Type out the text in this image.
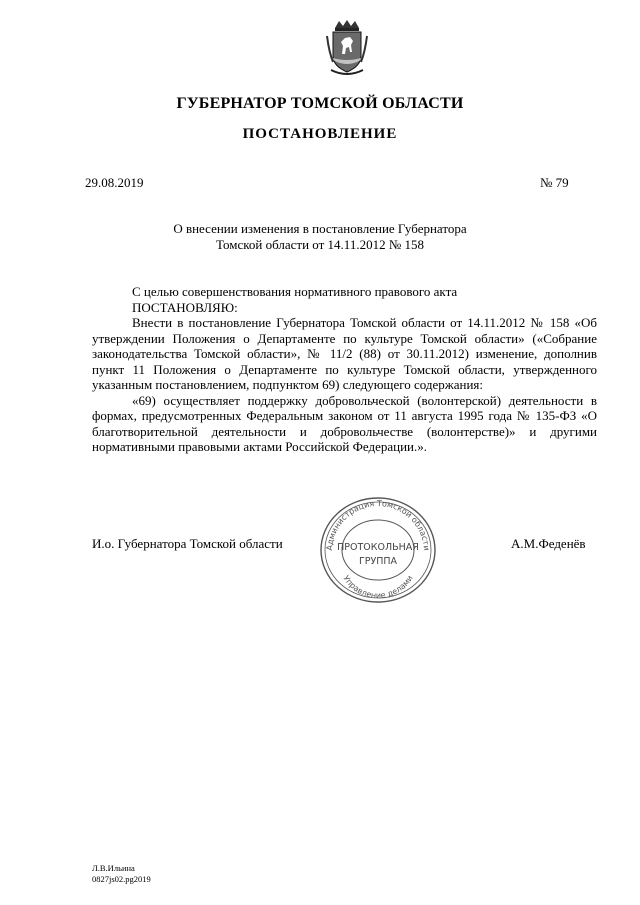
ГУБЕРНАТОР ТОМСКОЙ ОБЛАСТИ
ПОСТАНОВЛЕНИЕ
29.08.2019	№ 79
О внесении изменения в постановление Губернатора
Томской области от 14.11.2012 № 158

С целью совершенствования нормативного правового акта

ПОСТАНОВЛЯЮ:

Внести в постановление Губернатора Томской области от 14.11.2012 № 158 «Об утверждении Положения о Департаменте по культуре Томской области» («Собрание законодательства Томской области», № 11/2 (88) от 30.11.2012) изменение, дополнив пункт 11 Положения о Департаменте по культуре Томской области, утвержденного указанным постановлением, подпунктом 69) следующего содержания:

«69) осуществляет поддержку добровольческой (волонтерской) деятельности в формах, предусмотренных Федеральным законом от 11 августа 1995 года № 135-ФЗ «О благотворительной деятельности и добровольчестве (волонтерстве)» и другими нормативными правовыми актами Российской Федерации.».

И.о. Губернатора Томской области	А.М.Феденёв
Администрация Томской области
Управление делами
ПРОТОКОЛЬНАЯ
ГРУППА
Л.В.Ильина
0827js02.pg2019
